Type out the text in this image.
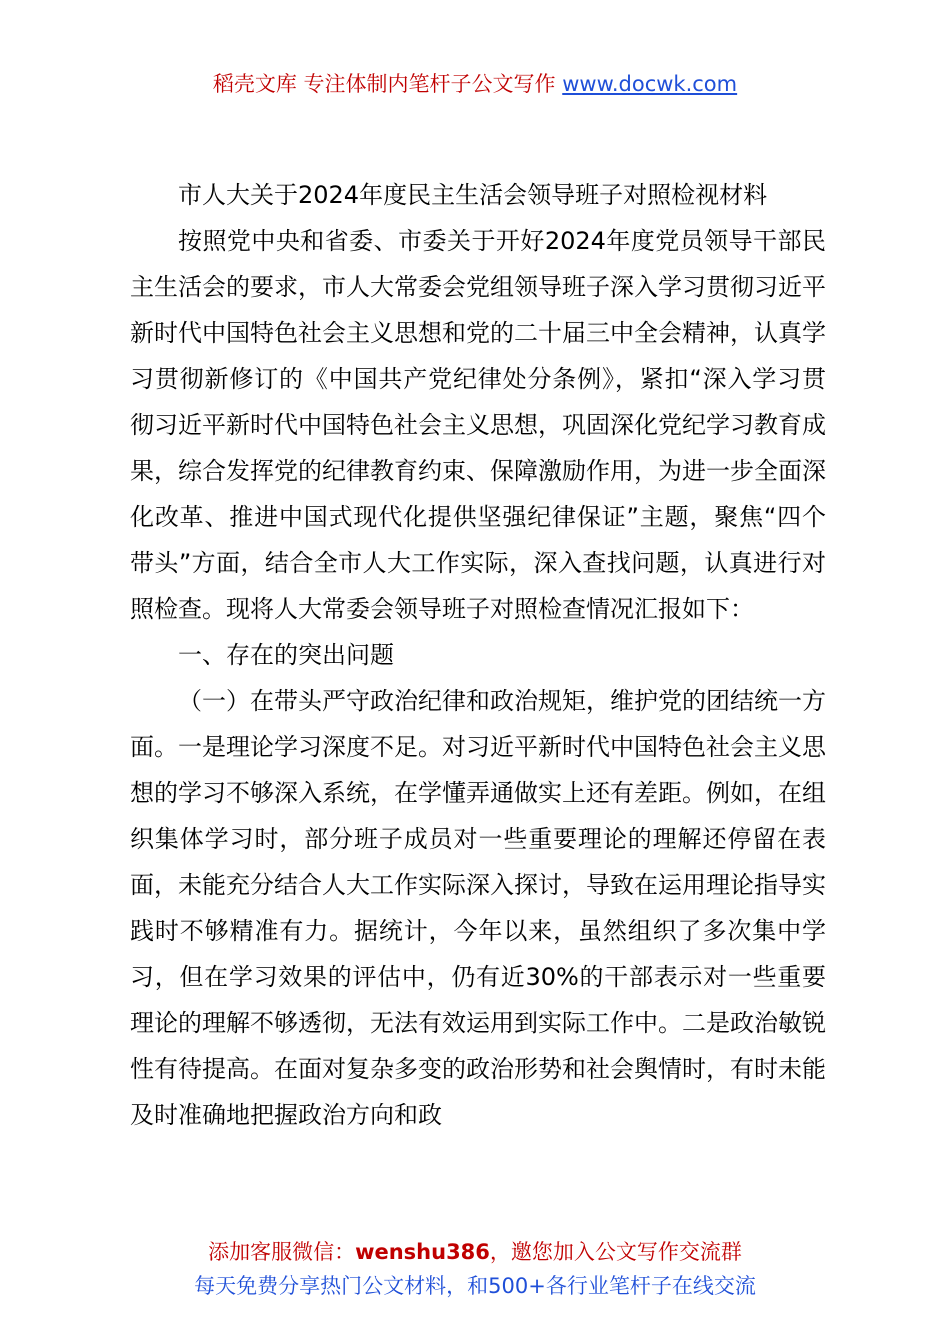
稻壳文库 专注体制内笔杆子公文写作 www.docwk.com

市人大关于2024年度民主生活会领导班子对照检视材料

按照党中央和省委、市委关于开好2024年度党员领导干部民主生活会的要求，市人大常委会党组领导班子深入学习贯彻习近平新时代中国特色社会主义思想和党的二十届三中全会精神，认真学习贯彻新修订的《中国共产党纪律处分条例》，紧扣“深入学习贯彻习近平新时代中国特色社会主义思想，巩固深化党纪学习教育成果，综合发挥党的纪律教育约束、保障激励作用，为进一步全面深化改革、推进中国式现代化提供坚强纪律保证”主题，聚焦“四个带头”方面，结合全市人大工作实际，深入查找问题，认真进行对照检查。现将人大常委会领导班子对照检查情况汇报如下：

一、存在的突出问题

（一）在带头严守政治纪律和政治规矩，维护党的团结统一方面。一是理论学习深度不足。对习近平新时代中国特色社会主义思想的学习不够深入系统，在学懂弄通做实上还有差距。例如，在组织集体学习时，部分班子成员对一些重要理论的理解还停留在表面，未能充分结合人大工作实际深入探讨，导致在运用理论指导实践时不够精准有力。据统计，今年以来，虽然组织了多次集中学习，但在学习效果的评估中，仍有近30%的干部表示对一些重要理论的理解不够透彻，无法有效运用到实际工作中。二是政治敏锐性有待提高。在面对复杂多变的政治形势和社会舆情时，有时未能及时准确地把握政治方向和政

添加客服微信：wenshu386，邀您加入公文写作交流群
每天免费分享热门公文材料，和500+各行业笔杆子在线交流
